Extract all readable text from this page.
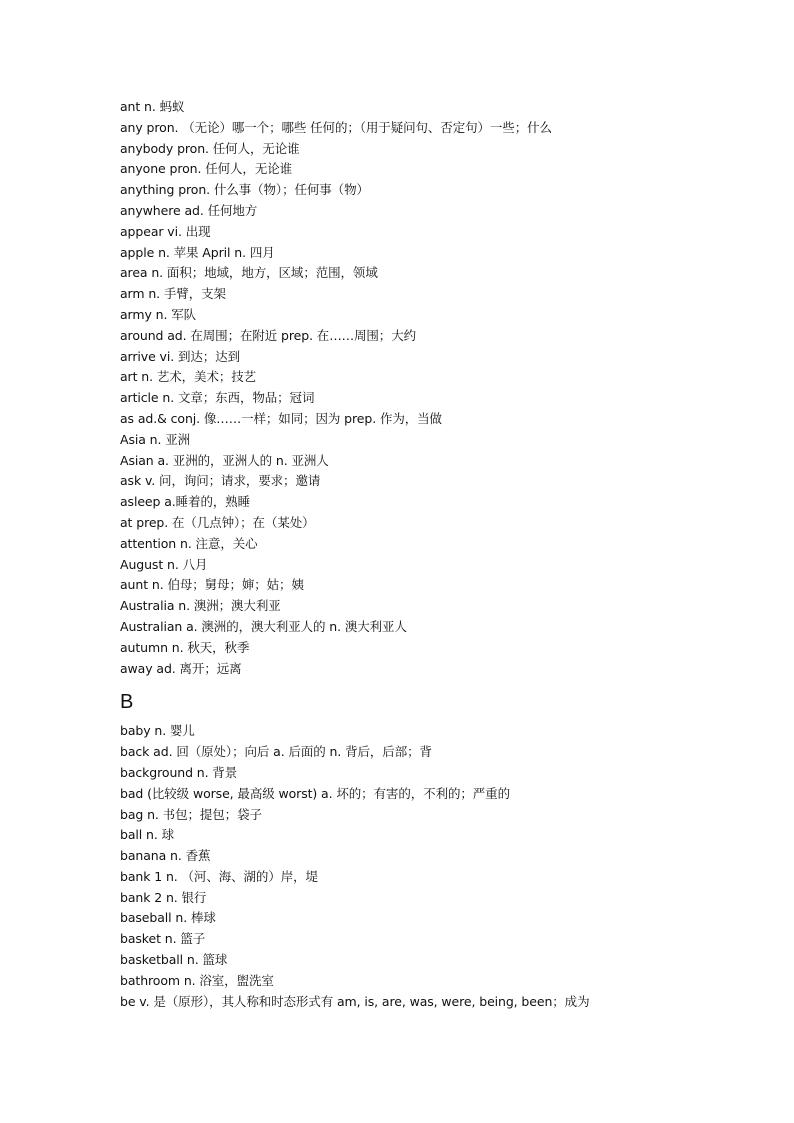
ant n. 蚂蚁
any pron. （无论）哪一个；哪些 任何的；（用于疑问句、否定句）一些；什么
anybody pron. 任何人，无论谁
anyone pron. 任何人，无论谁
anything pron. 什么事（物）；任何事（物）
anywhere ad. 任何地方
appear vi. 出现
apple n. 苹果 April n. 四月
area n. 面积；地域，地方，区域；范围，领域
arm n. 手臂，支架
army n. 军队
around ad. 在周围；在附近 prep. 在……周围；大约
arrive vi. 到达；达到
art n. 艺术，美术；技艺
article n. 文章；东西，物品；冠词
as ad.& conj. 像……一样；如同；因为 prep. 作为，当做
Asia n. 亚洲
Asian a. 亚洲的，亚洲人的 n. 亚洲人
ask v. 问，询问；请求，要求；邀请
asleep a.睡着的，熟睡
at prep. 在（几点钟）；在（某处）
attention n. 注意，关心
August n. 八月
aunt n. 伯母；舅母；婶；姑；姨
Australia n. 澳洲；澳大利亚
Australian a. 澳洲的，澳大利亚人的 n. 澳大利亚人
autumn n. 秋天，秋季
away ad. 离开；远离
B
baby n. 婴儿
back ad. 回（原处）；向后 a. 后面的 n. 背后，后部；背
background n. 背景
bad (比较级 worse, 最高级 worst) a. 坏的；有害的，不利的；严重的
bag n. 书包；提包；袋子
ball n. 球
banana n. 香蕉
bank 1 n. （河、海、湖的）岸，堤
bank 2 n. 银行
baseball n. 棒球
basket n. 篮子
basketball n. 篮球
bathroom n. 浴室，盥洗室
be v. 是（原形），其人称和时态形式有 am, is, are, was, were, being, been；成为
